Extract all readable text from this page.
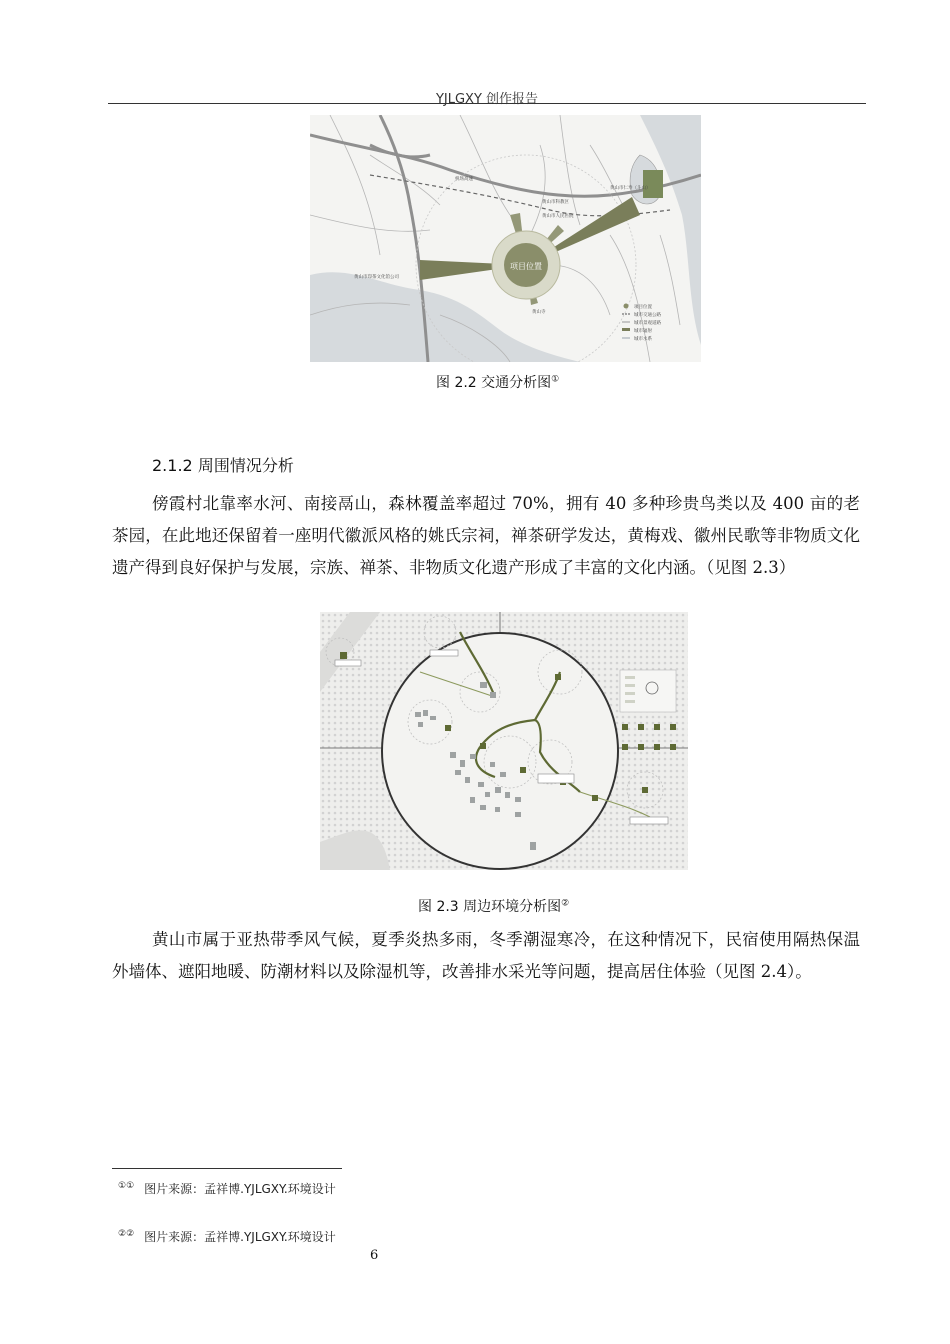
YJLGXY 创作报告
项目位置
黄山市仁寿（斗山）
机场高速
黄山市科教区
黄山市人民医院
黄山市印茶文化馆公司
黄山寺
项目位置
城市交通公路
城市景观道路
城市辐射
城市水系
图 2.2 交通分析图①
2.1.2 周围情况分析
傍霞村北靠率水河、南接鬲山，森林覆盖率超过 70%，拥有 40 多种珍贵鸟类以及 400 亩的老茶园，在此地还保留着一座明代徽派风格的姚氏宗祠，禅茶研学发达，黄梅戏、徽州民歌等非物质文化遗产得到良好保护与发展，宗族、禅茶、非物质文化遗产形成了丰富的文化内涵。（见图 2.3）
图 2.3 周边环境分析图②
黄山市属于亚热带季风气候，夏季炎热多雨，冬季潮湿寒冷，在这种情况下，民宿使用隔热保温外墙体、遮阳地暖、防潮材料以及除湿机等，改善排水采光等问题，提高居住体验（见图 2.4）。
①① 图片来源：孟祥博.YJLGXY.环境设计
②② 图片来源：孟祥博.YJLGXY.环境设计
6
